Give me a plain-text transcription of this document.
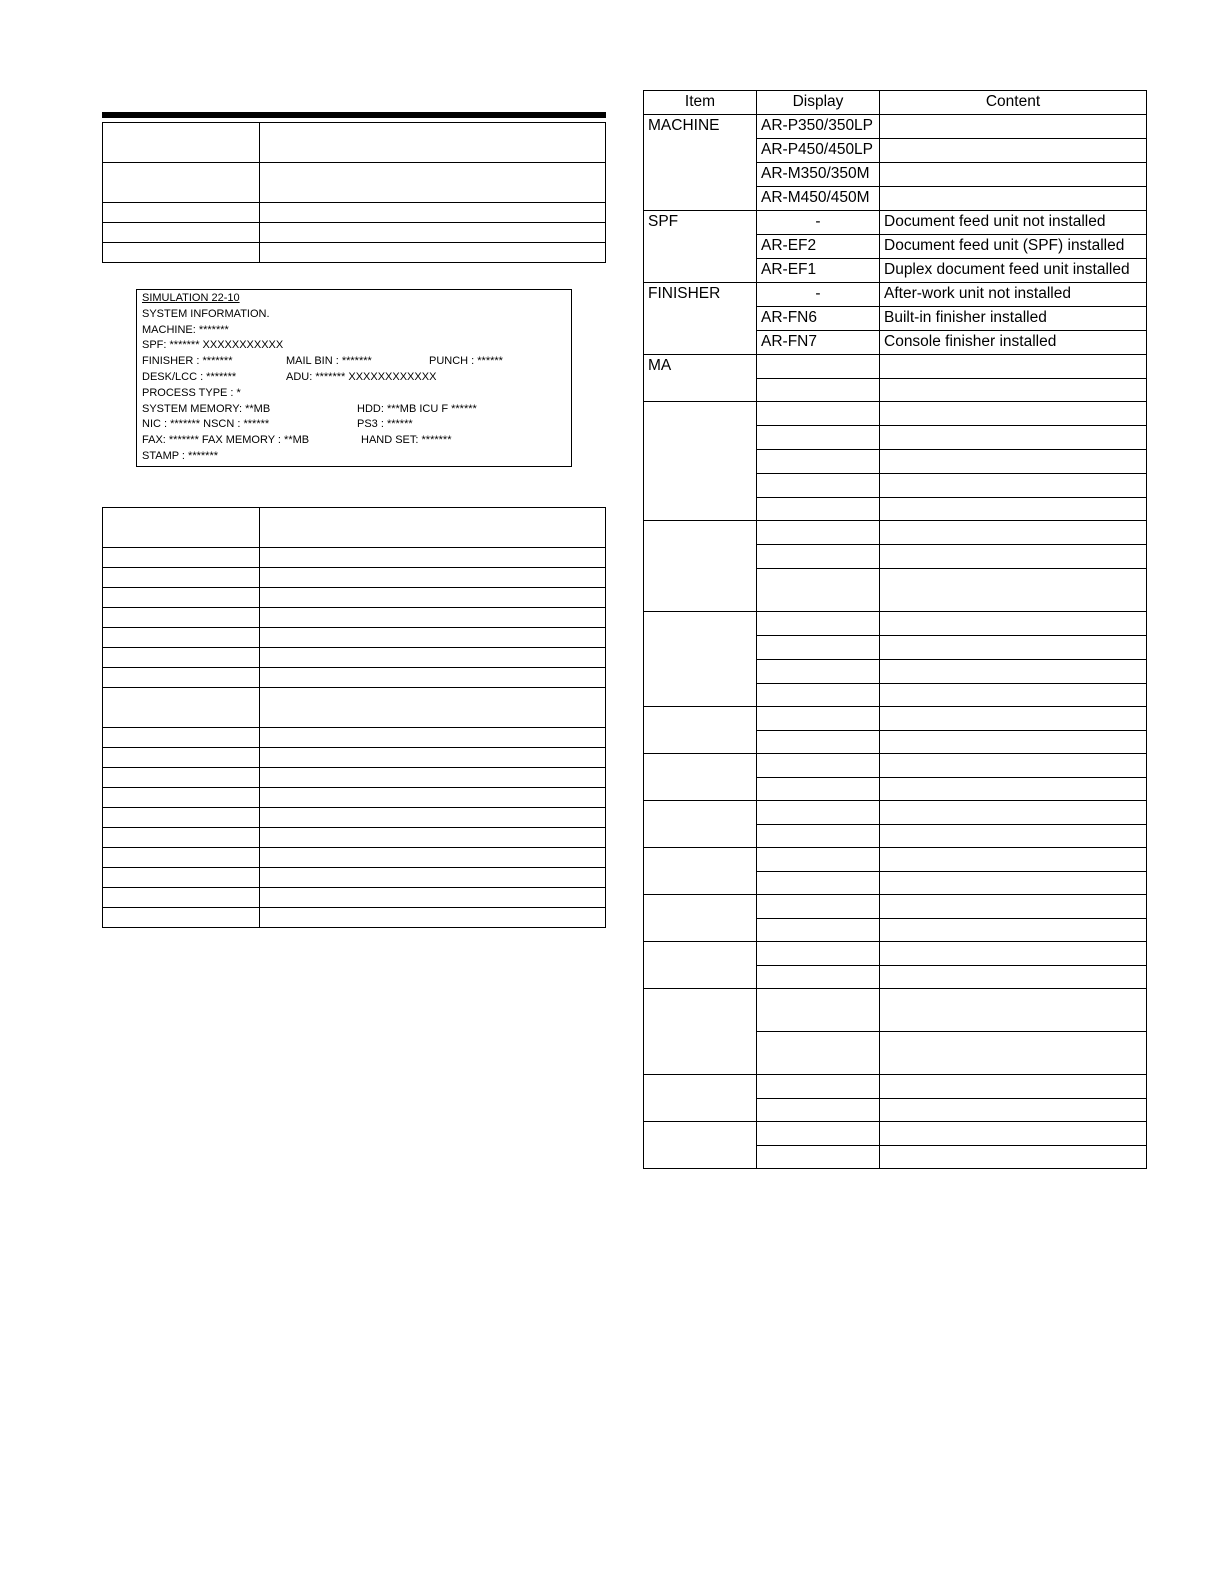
SIMULATION 22-10
SYSTEM INFORMATION.
MACHINE: *******
SPF: ******* XXXXXXXXXXX
FINISHER : *******	MAIL BIN : *******	PUNCH : ******
DESK/LCC : *******	ADU: ******* XXXXXXXXXXXX
PROCESS TYPE : *
SYSTEM MEMORY: **MB	HDD: ***MB ICU F ******
NIC : ******* NSCN : ******	PS3 : ******
FAX: ******* FAX MEMORY : **MB	HAND SET: *******
STAMP : *******

Item	Display	Content
MACHINE	AR-P350/350LP	
	AR-P450/450LP	
	AR-M350/350M	
	AR-M450/450M	
SPF	-	Document feed unit not installed
	AR-EF2	Document feed unit (SPF) installed
	AR-EF1	Duplex document feed unit installed
FINISHER	-	After-work unit not installed
	AR-FN6	Built-in finisher installed
	AR-FN7	Console finisher installed
MA		
